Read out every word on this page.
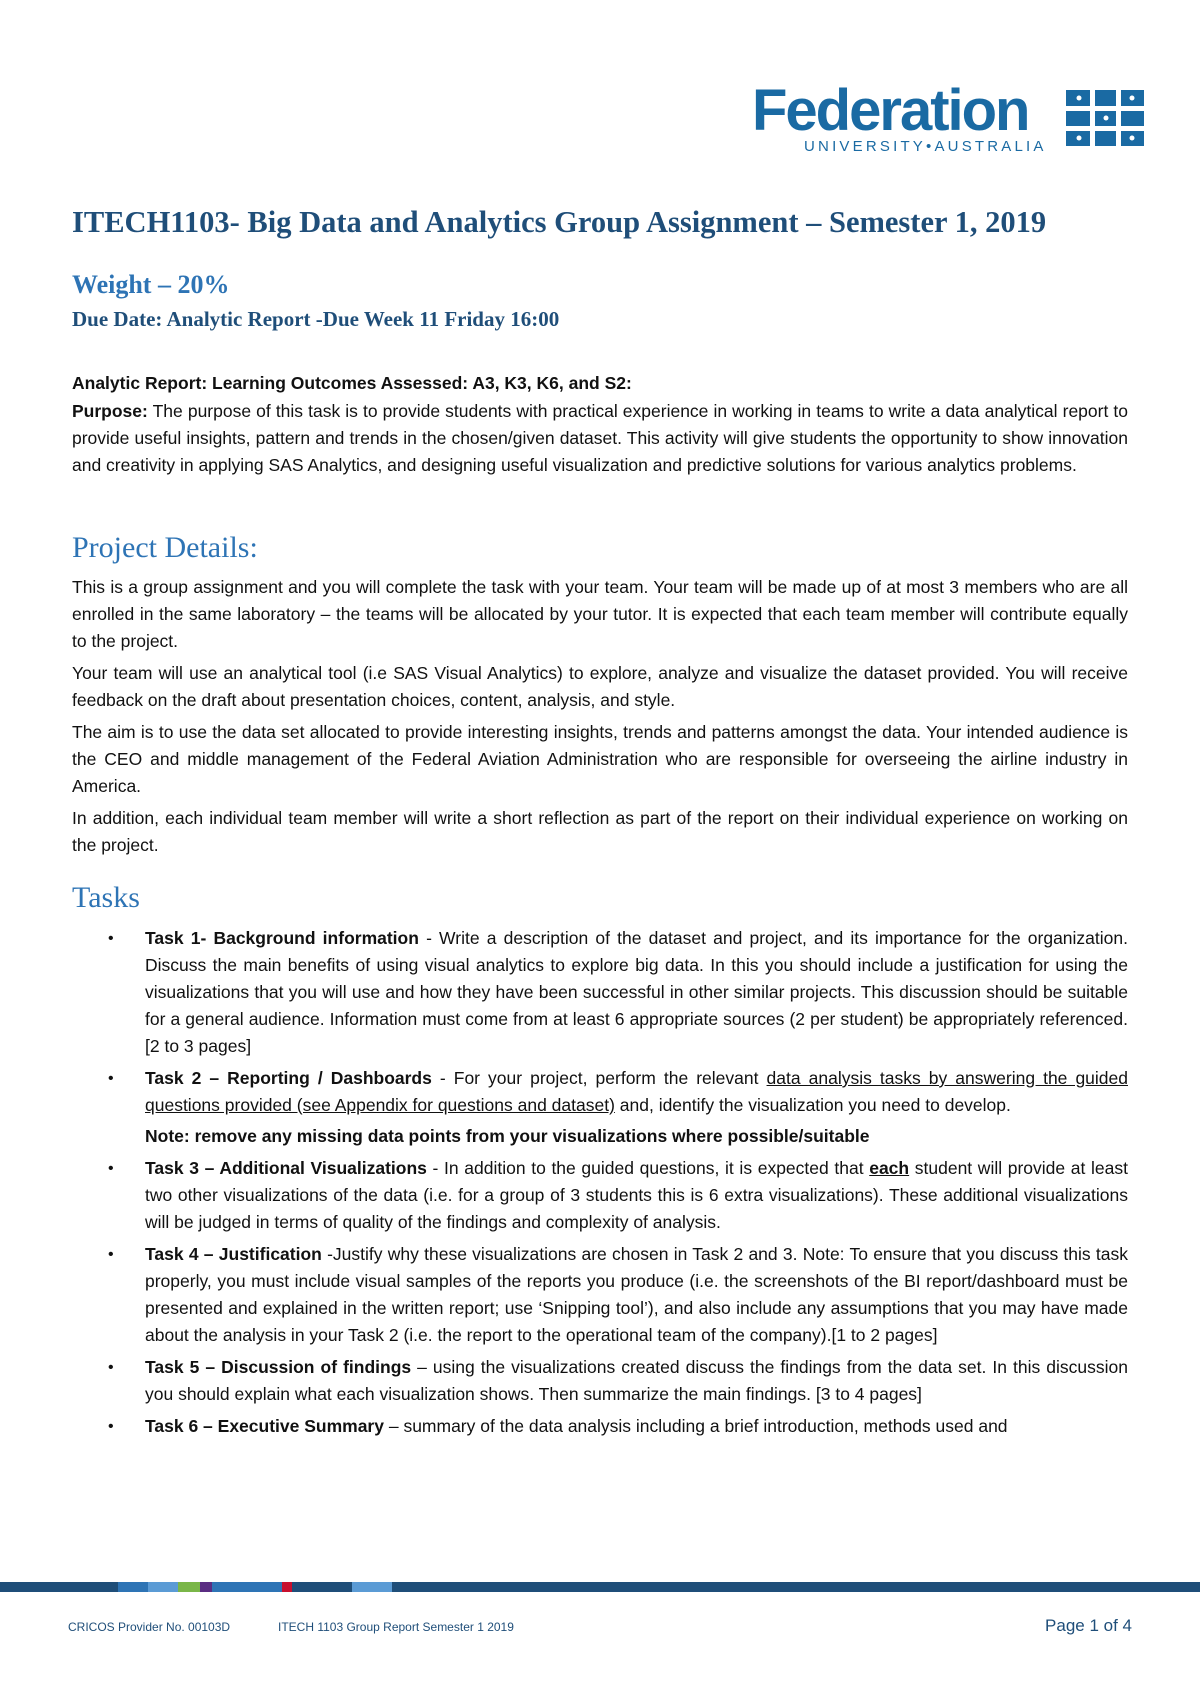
Federation
UNIVERSITY•AUSTRALIA
ITECH1103- Big Data and Analytics Group Assignment – Semester 1, 2019
Weight – 20%
Due Date: Analytic Report -Due Week 11 Friday 16:00
Analytic Report: Learning Outcomes Assessed: A3, K3, K6, and S2:
Purpose: The purpose of this task is to provide students with practical experience in working in teams to write a data analytical report to provide useful insights, pattern and trends in the chosen/given dataset. This activity will give students the opportunity to show innovation and creativity in applying SAS Analytics, and designing useful visualization and predictive solutions for various analytics problems.
Project Details:

This is a group assignment and you will complete the task with your team. Your team will be made up of at most 3 members who are all enrolled in the same laboratory – the teams will be allocated by your tutor. It is expected that each team member will contribute equally to the project.

Your team will use an analytical tool (i.e SAS Visual Analytics) to explore, analyze and visualize the dataset provided. You will receive feedback on the draft about presentation choices, content, analysis, and style.

The aim is to use the data set allocated to provide interesting insights, trends and patterns amongst the data. Your intended audience is the CEO and middle management of the Federal Aviation Administration who are responsible for overseeing the airline industry in America.

In addition, each individual team member will write a short reflection as part of the report on their individual experience on working on the project.

Tasks
• Task 1- Background information - Write a description of the dataset and project, and its importance for the organization. Discuss the main benefits of using visual analytics to explore big data. In this you should include a justification for using the visualizations that you will use and how they have been successful in other similar projects. This discussion should be suitable for a general audience. Information must come from at least 6 appropriate sources (2 per student) be appropriately referenced. [2 to 3 pages]
• Task 2 – Reporting / Dashboards - For your project, perform the relevant data analysis tasks by answering the guided questions provided (see Appendix for questions and dataset) and, identify the visualization you need to develop.
Note: remove any missing data points from your visualizations where possible/suitable
• Task 3 – Additional Visualizations - In addition to the guided questions, it is expected that each student will provide at least two other visualizations of the data (i.e. for a group of 3 students this is 6 extra visualizations). These additional visualizations will be judged in terms of quality of the findings and complexity of analysis.
• Task 4 – Justification -Justify why these visualizations are chosen in Task 2 and 3. Note: To ensure that you discuss this task properly, you must include visual samples of the reports you produce (i.e. the screenshots of the BI report/dashboard must be presented and explained in the written report; use ‘Snipping tool’), and also include any assumptions that you may have made about the analysis in your Task 2 (i.e. the report to the operational team of the company).[1 to 2 pages]
• Task 5 – Discussion of findings – using the visualizations created discuss the findings from the data set. In this discussion you should explain what each visualization shows. Then summarize the main findings. [3 to 4 pages]
• Task 6 – Executive Summary – summary of the data analysis including a brief introduction, methods used and
CRICOS Provider No. 00103D	ITECH 1103 Group Report Semester 1 2019	Page 1 of 4
